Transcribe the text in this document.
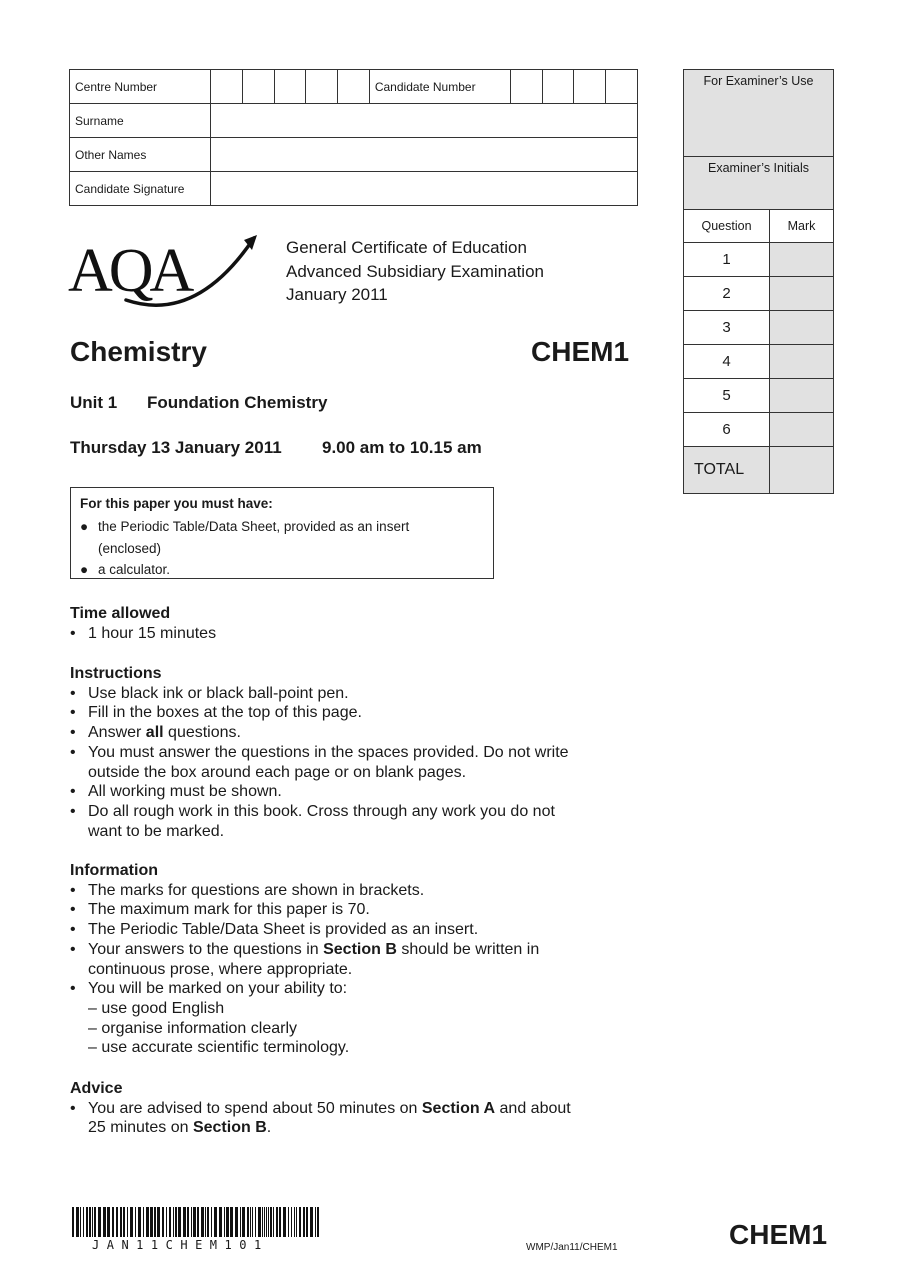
Centre Number						Candidate Number				
Surname										
Other Names										
Candidate Signature										
For Examiner’s Use	
Examiner’s Initials	
Question	Mark
1	
2	
3	
4	
5	
6	
TOTAL	
AQA	General Certificate of Education
Advanced Subsidiary Examination
January 2011
Chemistry	CHEM1
Unit 1 Foundation Chemistry
Thursday 13 January 2011 9.00 am to 10.15 am
For this paper you must have:
● the Periodic Table/Data Sheet, provided as an insert
(enclosed)
● a calculator.
Time allowed
• 1 hour 15 minutes
Instructions
• Use black ink or black ball-point pen.
• Fill in the boxes at the top of this page.
• Answer all questions.
• You must answer the questions in the spaces provided. Do not write
outside the box around each page or on blank pages.
• All working must be shown.
• Do all rough work in this book. Cross through any work you do not
want to be marked.
Information
• The marks for questions are shown in brackets.
• The maximum mark for this paper is 70.
• The Periodic Table/Data Sheet is provided as an insert.
• Your answers to the questions in Section B should be written in
continuous prose, where appropriate.
• You will be marked on your ability to:
– use good English
– organise information clearly
– use accurate scientific terminology.
Advice
• You are advised to spend about 50 minutes on Section A and about
25 minutes on Section B.
JAN11CHEM101	WMP/Jan11/CHEM1	CHEM1
